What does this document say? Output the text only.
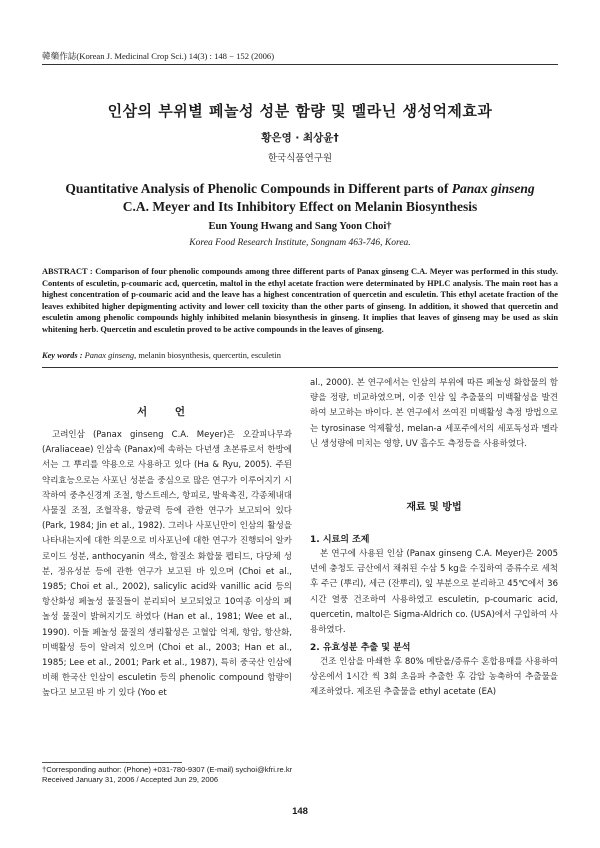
韓藥作誌(Korean J. Medicinal Crop Sci.) 14(3) : 148 − 152 (2006)
인삼의 부위별 페놀성 성분 함량 및 멜라닌 생성억제효과
황은영 · 최상윤†
한국식품연구원
Quantitative Analysis of Phenolic Compounds in Different parts of Panax ginseng
C.A. Meyer and Its Inhibitory Effect on Melanin Biosynthesis
Eun Young Hwang and Sang Yoon Choi†
Korea Food Research Institute, Songnam 463-746, Korea.
ABSTRACT : Comparison of four phenolic compounds among three different parts of Panax ginseng C.A. Meyer was performed in this study. Contents of esculetin, p-coumaric acd, quercetin, maltol in the ethyl acetate fraction were determinated by HPLC analysis. The main root has a highest concentration of p-coumaric acid and the leave has a highest concentration of quercetin and esculetin. This ethyl acetate fraction of the leaves exhibited higher depigmenting activity and lower cell toxicity than the other parts of ginseng. In addition, it showed that quercetin and esculetin among phenolic compounds highly inhibited melanin biosynthesis in ginseng. It implies that leaves of ginseng may be used as skin whitening herb. Quercetin and esculetin proved to be active compounds in the leaves of ginseng.
Key words : Panax ginseng, melanin biosynthesis, quercertin, esculetin
서 언

고려인삼 (Panax ginseng C.A. Meyer)은 오갈피나무과 (Araliaceae) 인삼속 (Panax)에 속하는 다년생 초본류로서 한방에서는 그 뿌리를 약용으로 사용하고 있다 (Ha & Ryu, 2005). 주된 약리효능으로는 사포닌 성분을 중심으로 많은 연구가 이루어지기 시작하여 중추신경계 조절, 항스트레스, 항피로, 발육촉진, 각종체내대사물질 조절, 조혈작용, 항균력 등에 관한 연구가 보고되어 있다 (Park, 1984; Jin et al., 1982). 그러나 사포닌만이 인삼의 활성을 나타내는지에 대한 의문으로 비사포닌에 대한 연구가 진행되어 알카로이드 성분, anthocyanin 색소, 함질소 화합물 펩티드, 다당체 성분, 정유성분 등에 관한 연구가 보고된 바 있으며 (Choi et al., 1985; Choi et al., 2002), salicylic acid와 vanillic acid 등의 항산화성 페놀성 물질들이 분리되어 보고되었고 10여종 이상의 페놀성 물질이 밝혀지기도 하였다 (Han et al., 1981; Wee et al., 1990). 이들 페놀성 물질의 생리활성은 고혈압 억제, 항암, 항산화, 미백활성 등이 알려져 있으며 (Choi et al., 2003; Han et al., 1985; Lee et al., 2001; Park et al., 1987), 특히 중국산 인삼에 비해 한국산 인삼이 esculetin 등의 phenolic compound 함량이 높다고 보고된 바 기 있다 (Yoo et

al., 2000). 본 연구에서는 인삼의 부위에 따른 페놀성 화합물의 함량을 정량, 비교하였으며, 이중 인삼 잎 추출물의 미백활성을 발견하여 보고하는 바이다. 본 연구에서 쓰여진 미백활성 측정 방법으로는 tyrosinase 억제활성, melan-a 세포주에서의 세포독성과 멜라닌 생성량에 미치는 영향, UV 흡수도 측정등을 사용하였다.

재료 및 방법
1. 시료의 조제

본 연구에 사용된 인삼 (Panax ginseng C.A. Meyer)은 2005 년에 충청도 금산에서 채취된 수삼 5 kg을 수집하여 증류수로 세척 후 주근 (뿌리), 세근 (잔뿌리), 잎 부분으로 분리하고 45℃에서 36시간 열풍 건조하여 사용하였고 esculetin, p-coumaric acid, quercetin, maltol은 Sigma-Aldrich co. (USA)에서 구입하여 사용하였다.

2. 유효성분 추출 및 분석

건조 인삼을 마쇄한 후 80% 메탄올/증류수 혼합용매를 사용하여 상온에서 1시간 씩 3회 초음파 추출한 후 감압 농축하여 추출물을 제조하였다. 제조된 추출물을 ethyl acetate (EA)

†Corresponding author: (Phone) +031-780-9307 (E-mail) sychoi@kfri.re.kr
Received January 31, 2006 / Accepted Jun 29, 2006
148
